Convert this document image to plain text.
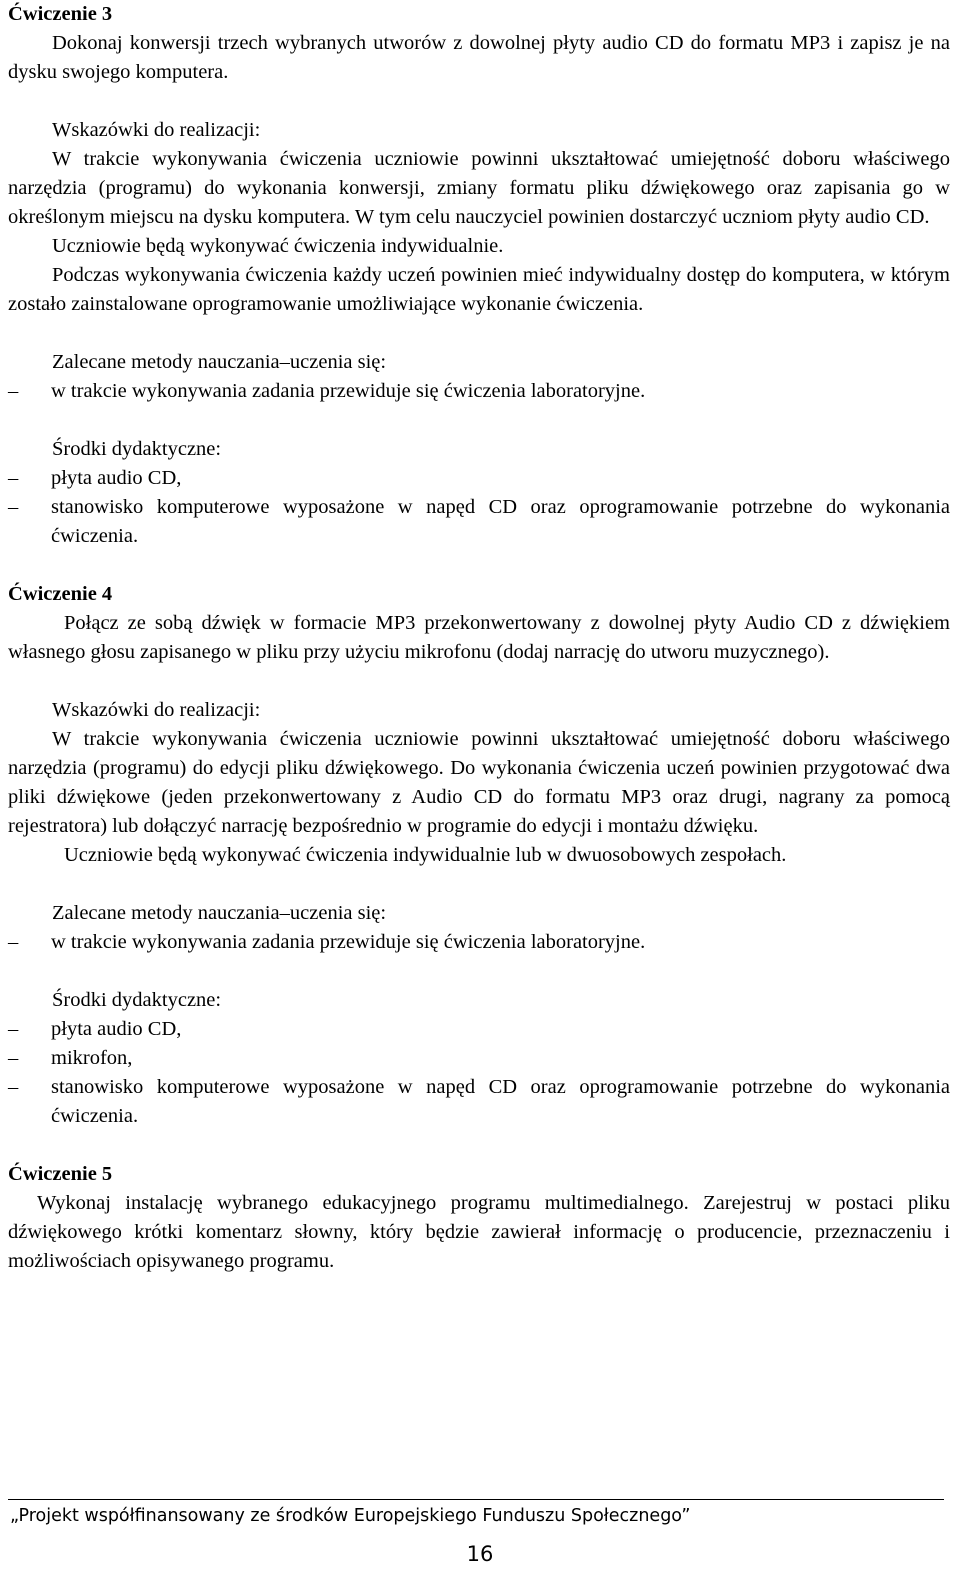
Ćwiczenie 3

Dokonaj konwersji trzech wybranych utworów z dowolnej płyty audio CD do formatu MP3 i zapisz je na dysku swojego komputera.

Wskazówki do realizacji:

W trakcie wykonywania ćwiczenia uczniowie powinni ukształtować umiejętność doboru właściwego narzędzia (programu) do wykonania konwersji, zmiany formatu pliku dźwiękowego oraz zapisania go w określonym miejscu na dysku komputera. W tym celu nauczyciel powinien dostarczyć uczniom płyty audio CD.

Uczniowie będą wykonywać ćwiczenia indywidualnie.

Podczas wykonywania ćwiczenia każdy uczeń powinien mieć indywidualny dostęp do komputera, w którym zostało zainstalowane oprogramowanie umożliwiające wykonanie ćwiczenia.

Zalecane metody nauczania–uczenia się:

– w trakcie wykonywania zadania przewiduje się ćwiczenia laboratoryjne.

Środki dydaktyczne:

– płyta audio CD,
– stanowisko komputerowe wyposażone w napęd CD oraz oprogramowanie potrzebne do wykonania ćwiczenia.

Ćwiczenie 4

Połącz ze sobą dźwięk w formacie MP3 przekonwertowany z dowolnej płyty Audio CD z dźwiękiem własnego głosu zapisanego w pliku przy użyciu mikrofonu (dodaj narrację do utworu muzycznego).

Wskazówki do realizacji:

W trakcie wykonywania ćwiczenia uczniowie powinni ukształtować umiejętność doboru właściwego narzędzia (programu) do edycji pliku dźwiękowego. Do wykonania ćwiczenia uczeń powinien przygotować dwa pliki dźwiękowe (jeden przekonwertowany z Audio CD do formatu MP3 oraz drugi, nagrany za pomocą rejestratora) lub dołączyć narrację bezpośrednio w programie do edycji i montażu dźwięku.

Uczniowie będą wykonywać ćwiczenia indywidualnie lub w dwuosobowych zespołach.

Zalecane metody nauczania–uczenia się:

– w trakcie wykonywania zadania przewiduje się ćwiczenia laboratoryjne.

Środki dydaktyczne:

– płyta audio CD,
– mikrofon,
– stanowisko komputerowe wyposażone w napęd CD oraz oprogramowanie potrzebne do wykonania ćwiczenia.

Ćwiczenie 5

Wykonaj instalację wybranego edukacyjnego programu multimedialnego. Zarejestruj w postaci pliku dźwiękowego krótki komentarz słowny, który będzie zawierał informację o producencie, przeznaczeniu i możliwościach opisywanego programu.

„Projekt współfinansowany ze środków Europejskiego Funduszu Społecznego”
16
